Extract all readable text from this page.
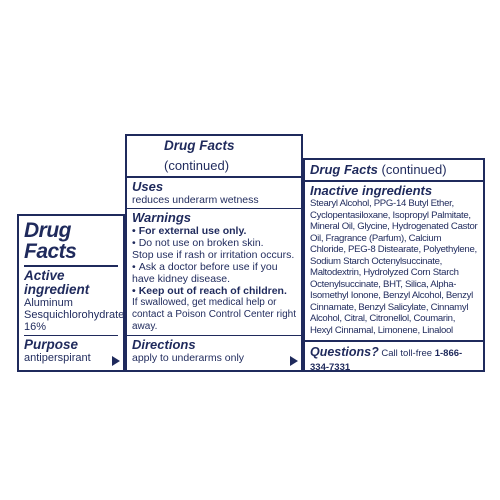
Drug
Facts
Active ingredient
Aluminum Sesquichlorohydrate 16%
Purpose
antiperspirant
Drug Facts (continued)
Uses
reduces underarm wetness
Warnings
• For external use only.
• Do not use on broken skin.
Stop use if rash or irritation occurs.
• Ask a doctor before use if you have kidney disease.
• Keep out of reach of children.
If swallowed, get medical help or contact a Poison Control Center right away.
Directions
apply to underarms only
Drug Facts (continued)
Inactive ingredients
Stearyl Alcohol, PPG-14 Butyl Ether, Cyclopentasiloxane, Isopropyl Palmitate, Mineral Oil, Glycine, Hydrogenated Castor Oil, Fragrance (Parfum), Calcium Chloride, PEG-8 Distearate, Polyethylene, Sodium Starch Octenylsuccinate, Maltodextrin, Hydrolyzed Corn Starch Octenylsuccinate, BHT, Silica, Alpha-Isomethyl Ionone, Benzyl Alcohol, Benzyl Cinnamate, Benzyl Salicylate, Cinnamyl Alcohol, Citral, Citronellol, Coumarin, Hexyl Cinnamal, Limonene, Linalool
Questions? Call toll-free 1-866-334-7331
